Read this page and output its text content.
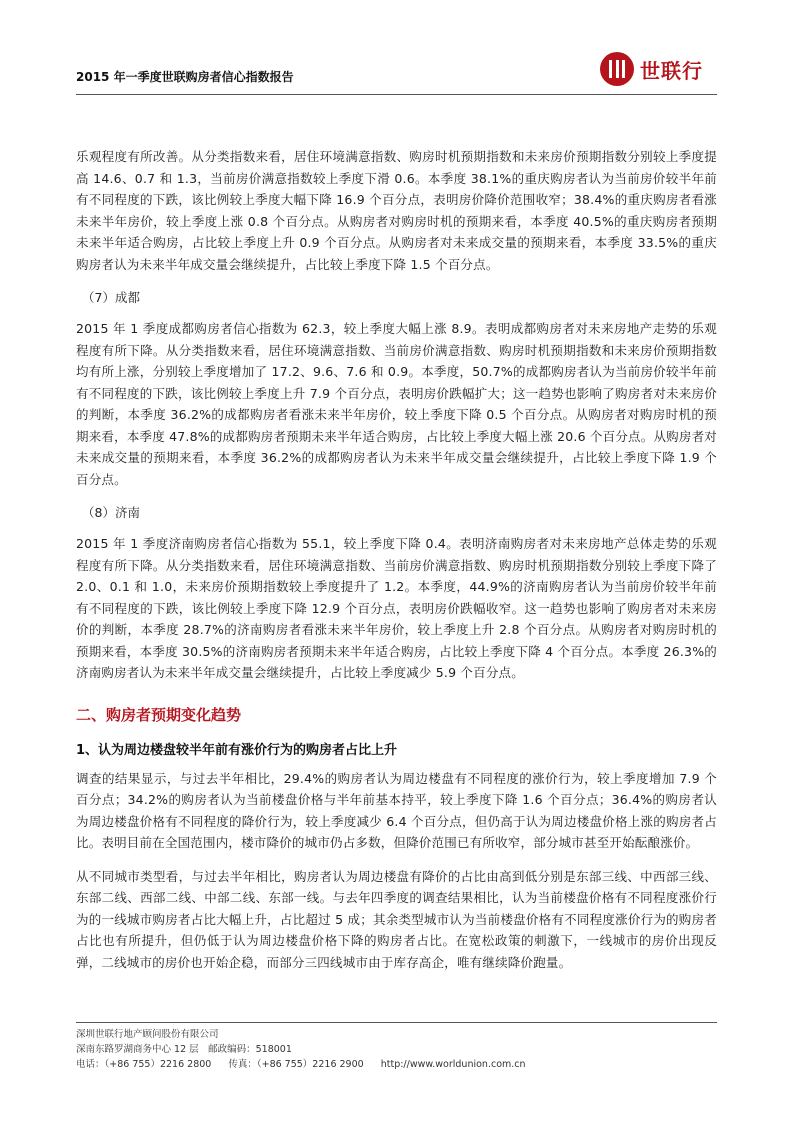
2015 年一季度世联购房者信心指数报告	世联行

乐观程度有所改善。从分类指数来看，居住环境满意指数、购房时机预期指数和未来房价预期指数分别较上季度提高 14.6、0.7 和 1.3，当前房价满意指数较上季度下滑 0.6。本季度 38.1%的重庆购房者认为当前房价较半年前有不同程度的下跌，该比例较上季度大幅下降 16.9 个百分点，表明房价降价范围收窄；38.4%的重庆购房者看涨未来半年房价，较上季度上涨 0.8 个百分点。从购房者对购房时机的预期来看，本季度 40.5%的重庆购房者预期未来半年适合购房，占比较上季度上升 0.9 个百分点。从购房者对未来成交量的预期来看，本季度 33.5%的重庆购房者认为未来半年成交量会继续提升，占比较上季度下降 1.5 个百分点。

（7）成都

2015 年 1 季度成都购房者信心指数为 62.3，较上季度大幅上涨 8.9。表明成都购房者对未来房地产走势的乐观程度有所下降。从分类指数来看，居住环境满意指数、当前房价满意指数、购房时机预期指数和未来房价预期指数均有所上涨，分别较上季度增加了 17.2、9.6、7.6 和 0.9。本季度，50.7%的成都购房者认为当前房价较半年前有不同程度的下跌，该比例较上季度上升 7.9 个百分点，表明房价跌幅扩大；这一趋势也影响了购房者对未来房价的判断，本季度 36.2%的成都购房者看涨未来半年房价，较上季度下降 0.5 个百分点。从购房者对购房时机的预期来看，本季度 47.8%的成都购房者预期未来半年适合购房，占比较上季度大幅上涨 20.6 个百分点。从购房者对未来成交量的预期来看，本季度 36.2%的成都购房者认为未来半年成交量会继续提升，占比较上季度下降 1.9 个百分点。

（8）济南

2015 年 1 季度济南购房者信心指数为 55.1，较上季度下降 0.4。表明济南购房者对未来房地产总体走势的乐观程度有所下降。从分类指数来看，居住环境满意指数、当前房价满意指数、购房时机预期指数分别较上季度下降了 2.0、0.1 和 1.0，未来房价预期指数较上季度提升了 1.2。本季度，44.9%的济南购房者认为当前房价较半年前有不同程度的下跌，该比例较上季度下降 12.9 个百分点，表明房价跌幅收窄。这一趋势也影响了购房者对未来房价的判断，本季度 28.7%的济南购房者看涨未来半年房价，较上季度上升 2.8 个百分点。从购房者对购房时机的预期来看，本季度 30.5%的济南购房者预期未来半年适合购房，占比较上季度下降 4 个百分点。本季度 26.3%的济南购房者认为未来半年成交量会继续提升，占比较上季度减少 5.9 个百分点。

二、购房者预期变化趋势
1、认为周边楼盘较半年前有涨价行为的购房者占比上升

调查的结果显示，与过去半年相比，29.4%的购房者认为周边楼盘有不同程度的涨价行为，较上季度增加 7.9 个百分点；34.2%的购房者认为当前楼盘价格与半年前基本持平，较上季度下降 1.6 个百分点；36.4%的购房者认为周边楼盘价格有不同程度的降价行为，较上季度减少 6.4 个百分点，但仍高于认为周边楼盘价格上涨的购房者占比。表明目前在全国范围内，楼市降价的城市仍占多数，但降价范围已有所收窄，部分城市甚至开始酝酿涨价。

从不同城市类型看，与过去半年相比，购房者认为周边楼盘有降价的占比由高到低分别是东部三线、中西部三线、东部二线、西部二线、中部二线、东部一线。与去年四季度的调查结果相比，认为当前楼盘价格有不同程度涨价行为的一线城市购房者占比大幅上升，占比超过 5 成；其余类型城市认为当前楼盘价格有不同程度涨价行为的购房者占比也有所提升，但仍低于认为周边楼盘价格下降的购房者占比。在宽松政策的刺激下，一线城市的房价出现反弹，二线城市的房价也开始企稳，而部分三四线城市由于库存高企，唯有继续降价跑量。

深圳世联行地产顾问股份有限公司
深南东路罗湖商务中心 12 层　邮政编码：518001
电话：（+86 755）2216 2800 传真：（+86 755）2216 2900 http://www.worldunion.com.cn
